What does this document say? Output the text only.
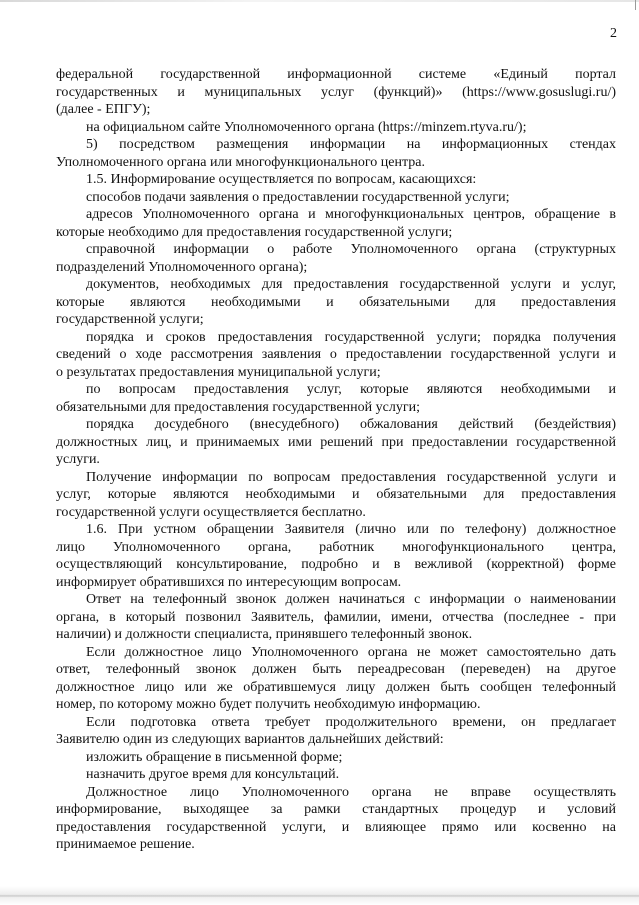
2
федеральной государственной информационной системе «Единый портал
государственных и муниципальных услуг (функций)» (https://www.gosuslugi.ru/)
(далее - ЕПГУ);
на официальном сайте Уполномоченного органа (https://minzem.rtyva.ru/);
5) посредством размещения информации на информационных стендах
Уполномоченного органа или многофункционального центра.
1.5. Информирование осуществляется по вопросам, касающихся:
способов подачи заявления о предоставлении государственной услуги;
адресов Уполномоченного органа и многофункциональных центров, обращение в
которые необходимо для предоставления государственной услуги;
справочной информации о работе Уполномоченного органа (структурных
подразделений Уполномоченного органа);
документов, необходимых для предоставления государственной услуги и услуг,
которые являются необходимыми и обязательными для предоставления
государственной услуги;
порядка и сроков предоставления государственной услуги; порядка получения
сведений о ходе рассмотрения заявления о предоставлении государственной услуги и
о результатах предоставления муниципальной услуги;
по вопросам предоставления услуг, которые являются необходимыми и
обязательными для предоставления государственной услуги;
порядка досудебного (внесудебного) обжалования действий (бездействия)
должностных лиц, и принимаемых ими решений при предоставлении государственной
услуги.
Получение информации по вопросам предоставления государственной услуги и
услуг, которые являются необходимыми и обязательными для предоставления
государственной услуги осуществляется бесплатно.
1.6. При устном обращении Заявителя (лично или по телефону) должностное
лицо Уполномоченного органа, работник многофункционального центра,
осуществляющий консультирование, подробно и в вежливой (корректной) форме
информирует обратившихся по интересующим вопросам.
Ответ на телефонный звонок должен начинаться с информации о наименовании
органа, в который позвонил Заявитель, фамилии, имени, отчества (последнее - при
наличии) и должности специалиста, принявшего телефонный звонок.
Если должностное лицо Уполномоченного органа не может самостоятельно дать
ответ, телефонный звонок должен быть переадресован (переведен) на другое
должностное лицо или же обратившемуся лицу должен быть сообщен телефонный
номер, по которому можно будет получить необходимую информацию.
Если подготовка ответа требует продолжительного времени, он предлагает
Заявителю один из следующих вариантов дальнейших действий:
изложить обращение в письменной форме;
назначить другое время для консультаций.
Должностное лицо Уполномоченного органа не вправе осуществлять
информирование, выходящее за рамки стандартных процедур и условий
предоставления государственной услуги, и влияющее прямо или косвенно на
принимаемое решение.
